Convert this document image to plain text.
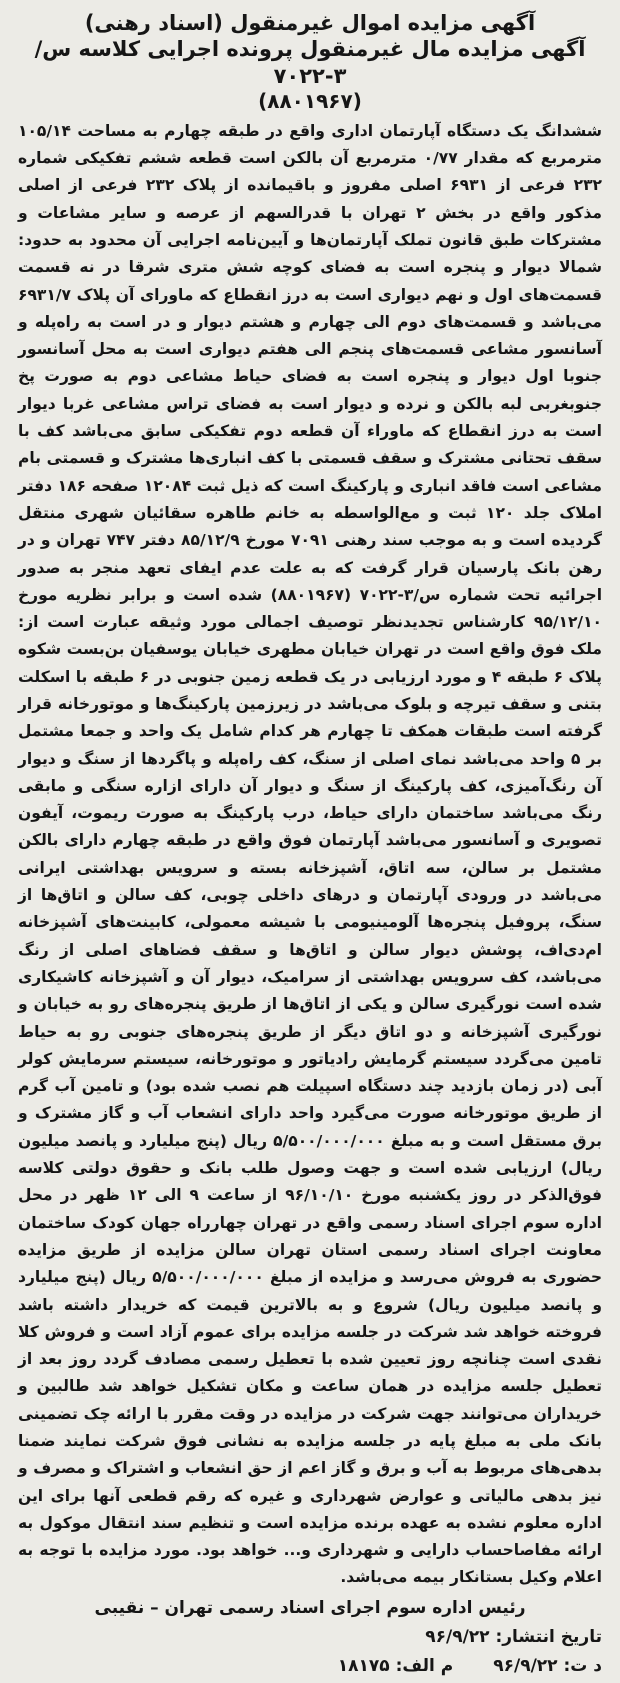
آگهی مزایده اموال غیرمنقول (اسناد رهنی)
آگهی مزایده مال غیرمنقول پرونده اجرایی کلاسه س/۳-۷۰۲۲
(۸۸۰۱۹۶۷)
ششدانگ یک دستگاه آپارتمان اداری واقع در طبقه چهارم به مساحت ۱۰۵/۱۴ مترمربع که مقدار ۰/۷۷ مترمربع آن بالکن است قطعه ششم تفکیکی شماره ۲۳۲ فرعی از ۶۹۳۱ اصلی مفروز و باقیمانده از پلاک ۲۳۲ فرعی از اصلی مذکور واقع در بخش ۲ تهران با قدرالسهم از عرصه و سایر مشاعات و مشترکات طبق قانون تملک آپارتمان‌ها و آیین‌نامه اجرایی آن محدود به حدود: شمالا دیوار و پنجره است به فضای کوچه شش متری شرقا در نه قسمت قسمت‌های اول و نهم دیواری است به درز انقطاع که ماورای آن پلاک ۶۹۳۱/۷ می‌باشد و قسمت‌های دوم الی چهارم و هشتم دیوار و در است به راه‌پله و آسانسور مشاعی قسمت‌های پنجم الی هفتم دیواری است به محل آسانسور جنوبا اول دیوار و پنجره است به فضای حیاط مشاعی دوم به صورت پخ جنوبغربی لبه بالکن و نرده و دیوار است به فضای تراس مشاعی غربا دیوار است به درز انقطاع که ماوراء آن قطعه دوم تفکیکی سابق می‌باشد کف با سقف تحتانی مشترک و سقف قسمتی با کف انباری‌ها مشترک و قسمتی بام مشاعی است فاقد انباری و پارکینگ است که ذیل ثبت ۱۲۰۸۴ صفحه ۱۸۶ دفتر املاک جلد ۱۲۰ ثبت و مع‌الواسطه به خانم طاهره سقائیان شهری منتقل گردیده است و به موجب سند رهنی ۷۰۹۱ مورخ ۸۵/۱۲/۹ دفتر ۷۴۷ تهران و در رهن بانک پارسیان قرار گرفت که به علت عدم ایفای تعهد منجر به صدور اجرائیه تحت شماره س/۳-۷۰۲۲ (۸۸۰۱۹۶۷) شده است و برابر نظریه مورخ ۹۵/۱۲/۱۰ کارشناس تجدیدنظر توصیف اجمالی مورد وثیقه عبارت است از: ملک فوق واقع است در تهران خیابان مطهری خیابان یوسفیان بن‌بست شکوه پلاک ۶ طبقه ۴ و مورد ارزیابی در یک قطعه زمین جنوبی در ۶ طبقه با اسکلت بتنی و سقف تیرچه و بلوک می‌باشد در زیرزمین پارکینگ‌ها و موتورخانه قرار گرفته است طبقات همکف تا چهارم هر کدام شامل یک واحد و جمعا مشتمل بر ۵ واحد می‌باشد نمای اصلی از سنگ، کف راه‌پله و پاگردها از سنگ و دیوار آن رنگ‌آمیزی، کف پارکینگ از سنگ و دیوار آن دارای ازاره سنگی و مابقی رنگ می‌باشد ساختمان دارای حیاط، درب پارکینگ به صورت ریموت، آیفون تصویری و آسانسور می‌باشد آپارتمان فوق واقع در طبقه چهارم دارای بالکن مشتمل بر سالن، سه اتاق، آشپزخانه بسته و سرویس بهداشتی ایرانی می‌باشد در ورودی آپارتمان و درهای داخلی چوبی، کف سالن و اتاق‌ها از سنگ، پروفیل پنجره‌ها آلومینیومی با شیشه معمولی، کابینت‌های آشپزخانه ام‌دی‌اف، پوشش دیوار سالن و اتاق‌ها و سقف فضاهای اصلی از رنگ می‌باشد، کف سرویس بهداشتی از سرامیک، دیوار آن و آشپزخانه کاشیکاری شده است نورگیری سالن و یکی از اتاق‌ها از طریق پنجره‌های رو به خیابان و نورگیری آشپزخانه و دو اتاق دیگر از طریق پنجره‌های جنوبی رو به حیاط تامین می‌گردد سیستم گرمایش رادیاتور و موتورخانه، سیستم سرمایش کولر آبی (در زمان بازدید چند دستگاه اسپیلت هم نصب شده بود) و تامین آب گرم از طریق موتورخانه صورت می‌گیرد واحد دارای انشعاب آب و گاز مشترک و برق مستقل است و به مبلغ ۵/۵۰۰/۰۰۰/۰۰۰ ریال (پنج میلیارد و پانصد میلیون ریال) ارزیابی شده است و جهت وصول طلب بانک و حقوق دولتی کلاسه فوق‌الذکر در روز یکشنبه مورخ ۹۶/۱۰/۱۰ از ساعت ۹ الی ۱۲ ظهر در محل اداره سوم اجرای اسناد رسمی واقع در تهران چهارراه جهان کودک ساختمان معاونت اجرای اسناد رسمی استان تهران سالن مزایده از طریق مزایده حضوری به فروش می‌رسد و مزایده از مبلغ ۵/۵۰۰/۰۰۰/۰۰۰ ریال (پنج میلیارد و پانصد میلیون ریال) شروع و به بالاترین قیمت که خریدار داشته باشد فروخته خواهد شد شرکت در جلسه مزایده برای عموم آزاد است و فروش کلا نقدی است چنانچه روز تعیین شده با تعطیل رسمی مصادف گردد روز بعد از تعطیل جلسه مزایده در همان ساعت و مکان تشکیل خواهد شد طالبین و خریداران می‌توانند جهت شرکت در مزایده در وقت مقرر با ارائه چک تضمینی بانک ملی به مبلغ پایه در جلسه مزایده به نشانی فوق شرکت نمایند ضمنا بدهی‌های مربوط به آب و برق و گاز اعم از حق انشعاب و اشتراک و مصرف و نیز بدهی مالیاتی و عوارض شهرداری و غیره که رقم قطعی آنها برای این اداره معلوم نشده به عهده برنده مزایده است و تنظیم سند انتقال موکول به ارائه مفاصاحساب دارایی و شهرداری و... خواهد بود. مورد مزایده با توجه به اعلام وکیل بستانکار بیمه می‌باشد.
رئیس اداره سوم اجرای اسناد رسمی تهران – نقیبی
تاریخ انتشار: ۹۶/۹/۲۲
د ت: ۹۶/۹/۲۲
م الف: ۱۸۱۷۵
